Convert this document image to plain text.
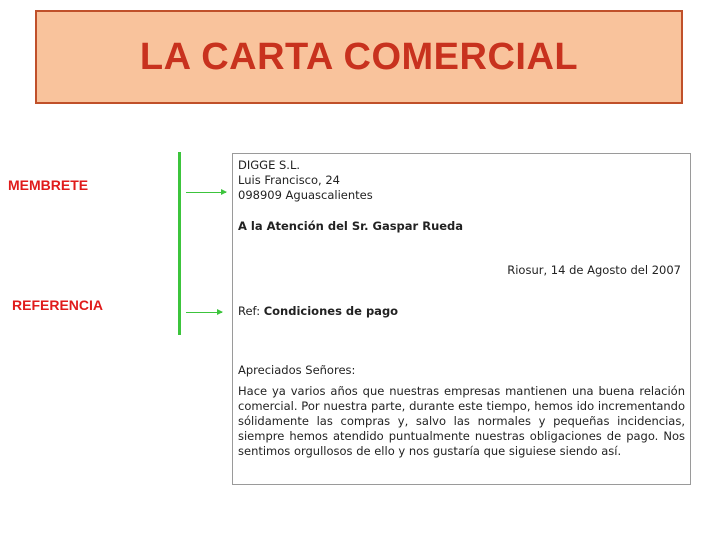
LA CARTA COMERCIAL
MEMBRETE
REFERENCIA
DIGGE S.L.
Luis Francisco, 24
098909 Aguascalientes
A la Atención del Sr. Gaspar Rueda
Riosur, 14 de Agosto del 2007
Ref: Condiciones de pago
Apreciados Señores:
Hace ya varios años que nuestras empresas mantienen una buena relación comercial. Por nuestra parte, durante este tiempo, hemos ido incrementando sólidamente las compras y, salvo las normales y pequeñas incidencias, siempre hemos atendido puntualmente nuestras obligaciones de pago. Nos sentimos orgullosos de ello y nos gustaría que siguiese siendo así.
